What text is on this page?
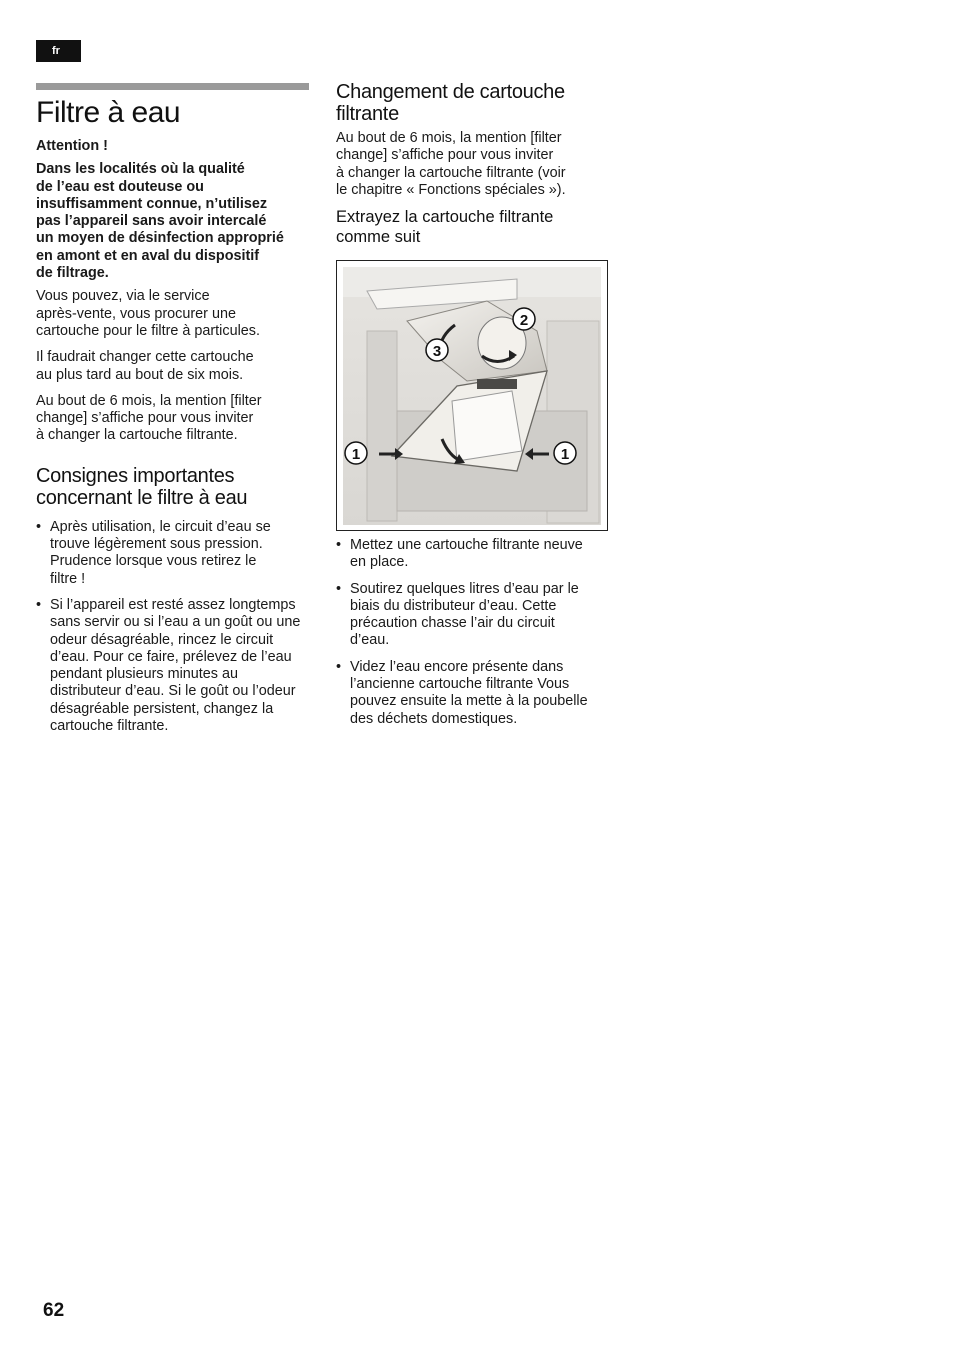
fr
Filtre à eau

Attention !

Dans les localités où la qualité
de l’eau est douteuse ou
insuffisamment connue, n’utilisez
pas l’appareil sans avoir intercalé
un moyen de désinfection approprié
en amont et en aval du dispositif
de filtrage.
Vous pouvez, via le service
après-vente, vous procurer une
cartouche pour le filtre à particules.
Il faudrait changer cette cartouche
au plus tard au bout de six mois.
Au bout de 6 mois, la mention [filter
change] s’affiche pour vous inviter
à changer la cartouche filtrante.
Consignes importantes
concernant le filtre à eau
• Après utilisation, le circuit d’eau se
trouve légèrement sous pression.
Prudence lorsque vous retirez le
filtre !
• Si l’appareil est resté assez longtemps
sans servir ou si l’eau a un goût ou une
odeur désagréable, rincez le circuit
d’eau. Pour ce faire, prélevez de l’eau
pendant plusieurs minutes au
distributeur d’eau. Si le goût ou l’odeur
désagréable persistent, changez la
cartouche filtrante.
Changement de cartouche
filtrante
Au bout de 6 mois, la mention [filter
change] s’affiche pour vous inviter
à changer la cartouche filtrante (voir
le chapitre « Fonctions spéciales »).
Extrayez la cartouche filtrante
comme suit
1	1
2
3
• Mettez une cartouche filtrante neuve
en place.
• Soutirez quelques litres d’eau par le
biais du distributeur d’eau. Cette
précaution chasse l’air du circuit
d’eau.
• Videz l’eau encore présente dans
l’ancienne cartouche filtrante Vous
pouvez ensuite la mette à la poubelle
des déchets domestiques.
62
